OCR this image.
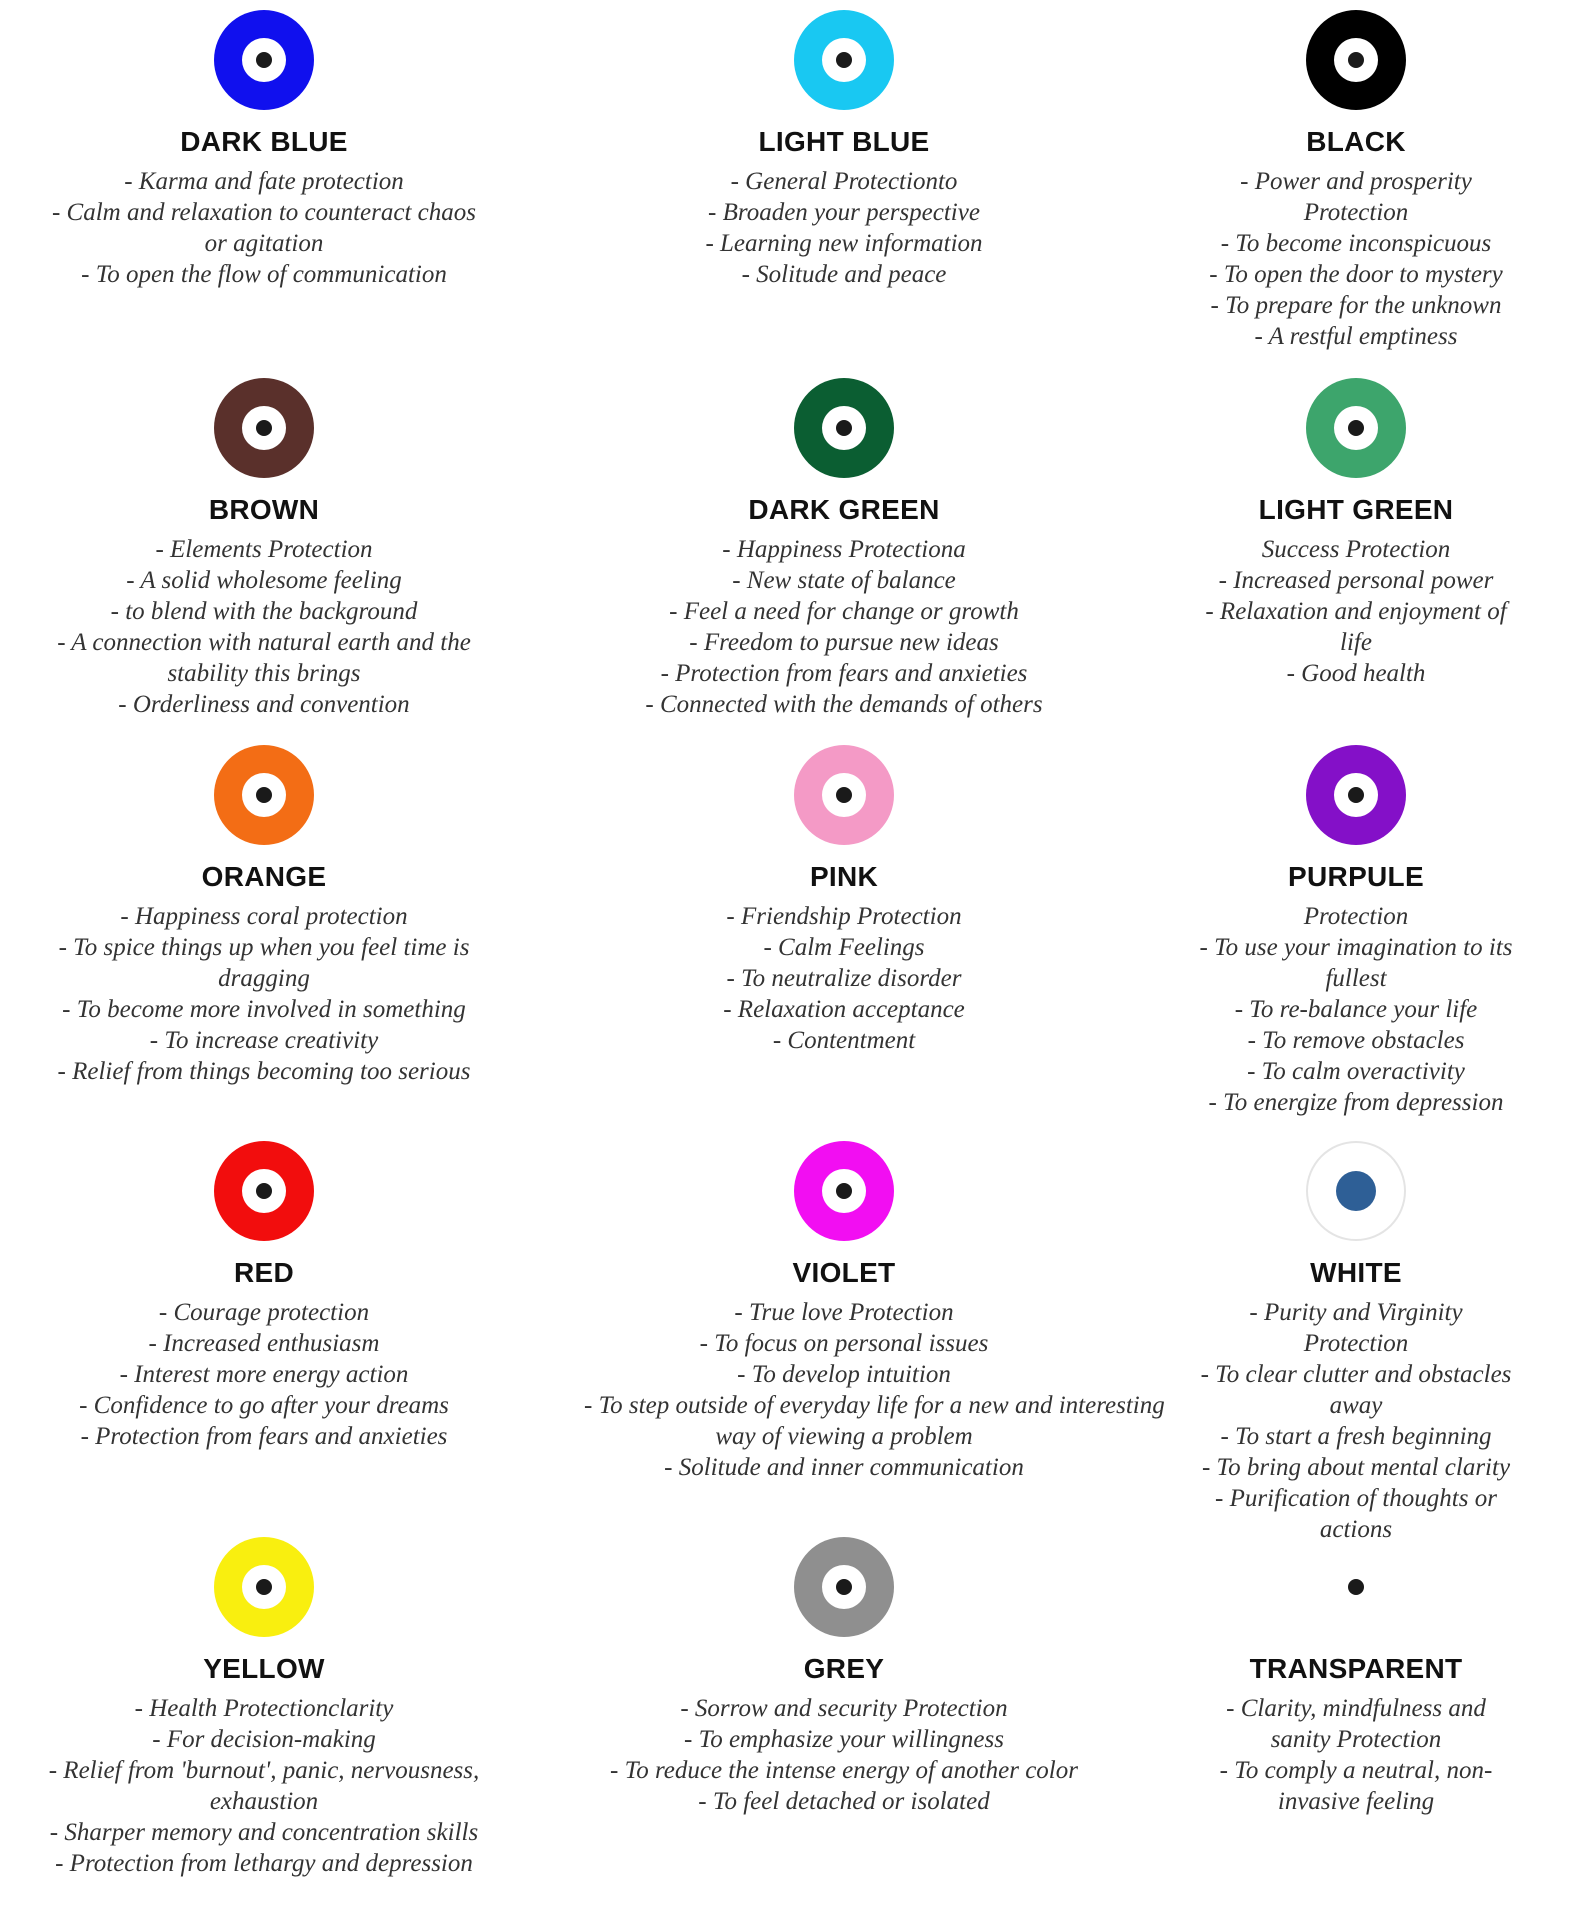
DARK BLUE
- Karma and fate protection
- Calm and relaxation to counteract chaos
or agitation
- To open the flow of communication
LIGHT BLUE
- General Protectionto
- Broaden your perspective
- Learning new information
- Solitude and peace
BLACK
- Power and prosperity
Protection
- To become inconspicuous
- To open the door to mystery
- To prepare for the unknown
- A restful emptiness
BROWN
- Elements Protection
- A solid wholesome feeling
- to blend with the background
- A connection with natural earth and the
stability this brings
- Orderliness and convention
DARK GREEN
- Happiness Protectiona
- New state of balance
- Feel a need for change or growth
- Freedom to pursue new ideas
- Protection from fears and anxieties
- Connected with the demands of others
LIGHT GREEN
Success Protection
- Increased personal power
- Relaxation and enjoyment of
life
- Good health
ORANGE
- Happiness coral protection
- To spice things up when you feel time is
dragging
- To become more involved in something
- To increase creativity
- Relief from things becoming too serious
PINK
- Friendship Protection
- Calm Feelings
- To neutralize disorder
- Relaxation acceptance
- Contentment
PURPULE
Protection
- To use your imagination to its
fullest
- To re-balance your life
- To remove obstacles
- To calm overactivity
- To energize from depression
RED
- Courage protection
- Increased enthusiasm
- Interest more energy action
- Confidence to go after your dreams
- Protection from fears and anxieties
VIOLET
- True love Protection
- To focus on personal issues
- To develop intuition
- To step outside of everyday life for a new and interesting
way of viewing a problem
- Solitude and inner communication
WHITE
- Purity and Virginity
Protection
- To clear clutter and obstacles
away
- To start a fresh beginning
- To bring about mental clarity
- Purification of thoughts or
actions
YELLOW
- Health Protectionclarity
- For decision-making
- Relief from 'burnout', panic, nervousness,
exhaustion
- Sharper memory and concentration skills
- Protection from lethargy and depression
GREY
- Sorrow and security Protection
- To emphasize your willingness
- To reduce the intense energy of another color
- To feel detached or isolated
TRANSPARENT
- Clarity, mindfulness and
sanity Protection
- To comply a neutral, non-
invasive feeling
